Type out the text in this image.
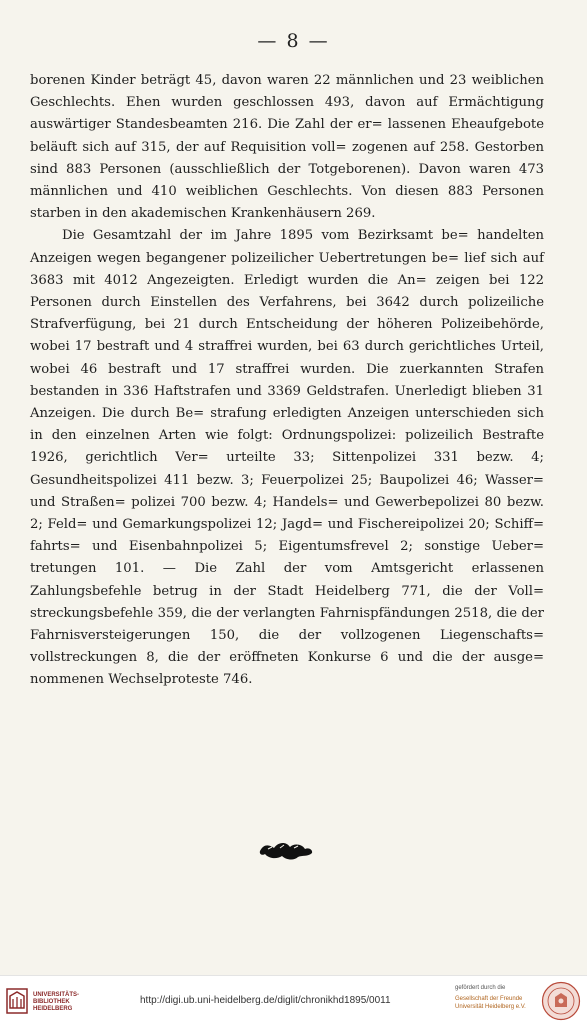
— 8 —

borenen Kinder beträgt 45, davon waren 22 männlichen und 23 weiblichen Geschlechts. Ehen wurden geschlossen 493, davon auf Ermächtigung auswärtiger Standesbeamten 216. Die Zahl der er= lassenen Eheaufgebote beläuft sich auf 315, der auf Requisition voll= zogenen auf 258. Gestorben sind 883 Personen (ausschließlich der Totgeborenen). Davon waren 473 männlichen und 410 weiblichen Geschlechts. Von diesen 883 Personen starben in den akademischen Krankenhäusern 269.

Die Gesamtzahl der im Jahre 1895 vom Bezirksamt be= handelten Anzeigen wegen begangener polizeilicher Uebertretungen be= lief sich auf 3683 mit 4012 Angezeigten. Erledigt wurden die An= zeigen bei 122 Personen durch Einstellen des Verfahrens, bei 3642 durch polizeiliche Strafverfügung, bei 21 durch Entscheidung der höheren Polizeibehörde, wobei 17 bestraft und 4 straffrei wurden, bei 63 durch gerichtliches Urteil, wobei 46 bestraft und 17 straffrei wurden. Die zuerkannten Strafen bestanden in 336 Haftstrafen und 3369 Geldstrafen. Unerledigt blieben 31 Anzeigen. Die durch Be= strafung erledigten Anzeigen unterschieden sich in den einzelnen Arten wie folgt: Ordnungspolizei: polizeilich Bestrafte 1926, gerichtlich Ver= urteilte 33; Sittenpolizei 331 bezw. 4; Gesundheitspolizei 411 bezw. 3; Feuerpolizei 25; Baupolizei 46; Wasser= und Straßen= polizei 700 bezw. 4; Handels= und Gewerbepolizei 80 bezw. 2; Feld= und Gemarkungspolizei 12; Jagd= und Fischereipolizei 20; Schiff= fahrts= und Eisenbahnpolizei 5; Eigentumsfrevel 2; sonstige Ueber= tretungen 101. — Die Zahl der vom Amtsgericht erlassenen Zahlungsbefehle betrug in der Stadt Heidelberg 771, die der Voll= streckungsbefehle 359, die der verlangten Fahrnispfändungen 2518, die der Fahrnisversteigerungen 150, die der vollzogenen Liegenschafts= vollstreckungen 8, die der eröffneten Konkurse 6 und die der ausge= nommenen Wechselproteste 746.

UNIVERSITÄTS-
BIBLIOTHEK
HEIDELBERG
http://digi.ub.uni-heidelberg.de/diglit/chronikhd1895/0011
gefördert durch die
Gesellschaft der Freunde
Universität Heidelberg e.V.
